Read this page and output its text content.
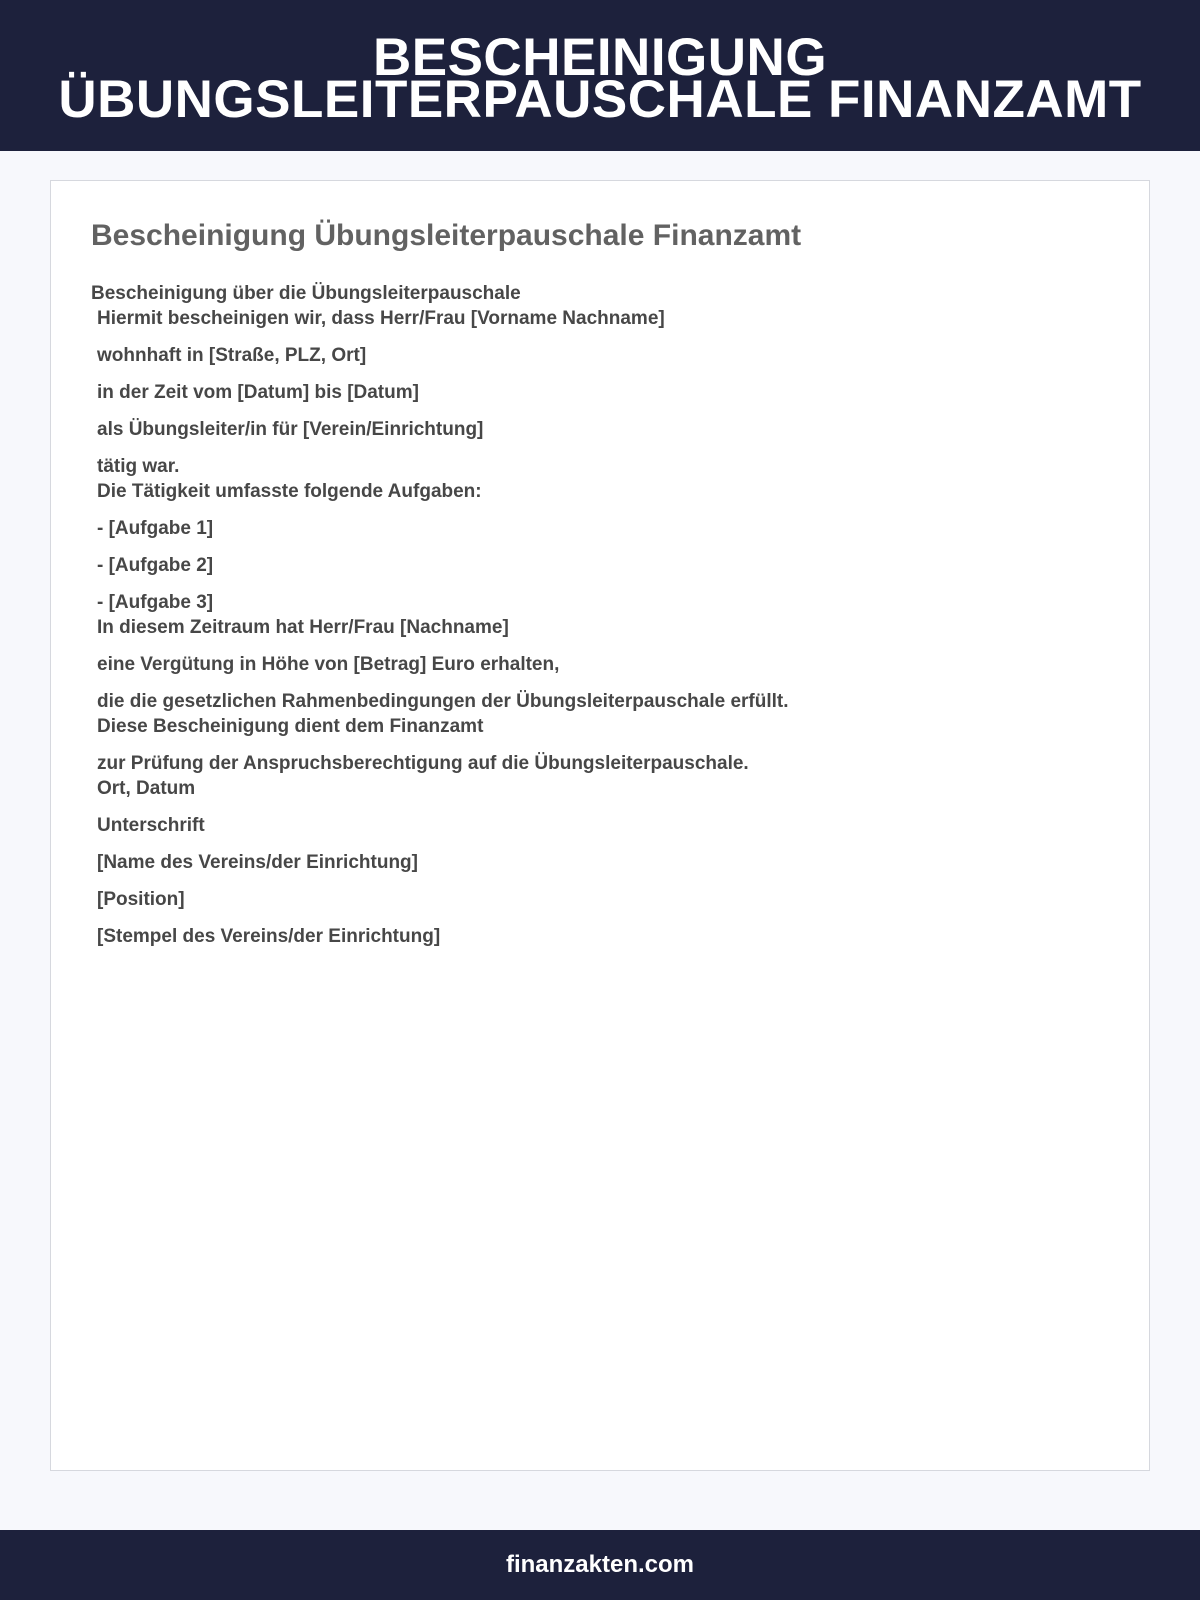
BESCHEINIGUNG
ÜBUNGSLEITERPAUSCHALE FINANZAMT
Bescheinigung Übungsleiterpauschale Finanzamt
Bescheinigung über die Übungsleiterpauschale
Hiermit bescheinigen wir, dass Herr/Frau [Vorname Nachname]
wohnhaft in [Straße, PLZ, Ort]
in der Zeit vom [Datum] bis [Datum]
als Übungsleiter/in für [Verein/Einrichtung]
tätig war.
Die Tätigkeit umfasste folgende Aufgaben:
- [Aufgabe 1]
- [Aufgabe 2]
- [Aufgabe 3]
In diesem Zeitraum hat Herr/Frau [Nachname]
eine Vergütung in Höhe von [Betrag] Euro erhalten,
die die gesetzlichen Rahmenbedingungen der Übungsleiterpauschale erfüllt.
Diese Bescheinigung dient dem Finanzamt
zur Prüfung der Anspruchsberechtigung auf die Übungsleiterpauschale.
Ort, Datum
Unterschrift
[Name des Vereins/der Einrichtung]
[Position]
[Stempel des Vereins/der Einrichtung]
finanzakten.com
